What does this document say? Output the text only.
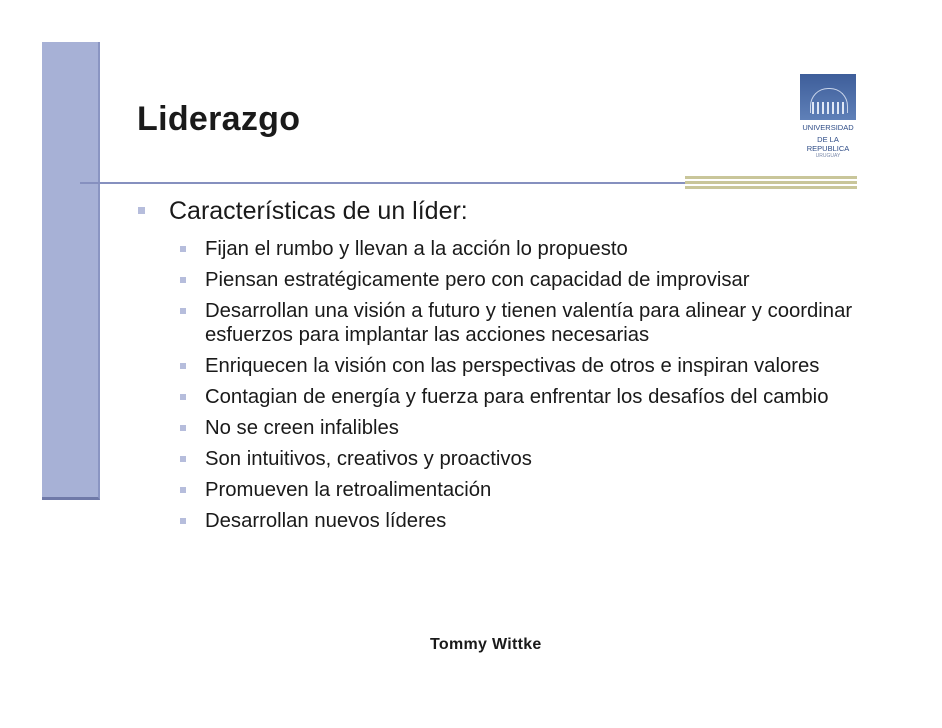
Liderazgo	UNIVERSIDAD
DE LA REPUBLICA
URUGUAY
Características de un líder:
Fijan el rumbo y llevan a la acción lo propuesto
Piensan estratégicamente pero con capacidad de improvisar
Desarrollan una visión a futuro y tienen valentía para alinear y coordinar esfuerzos para implantar las acciones necesarias
Enriquecen la visión con las perspectivas de otros e inspiran valores
Contagian de energía y fuerza para enfrentar los desafíos del cambio
No se creen infalibles
Son intuitivos, creativos y proactivos
Promueven la retroalimentación
Desarrollan nuevos líderes
Tommy Wittke
